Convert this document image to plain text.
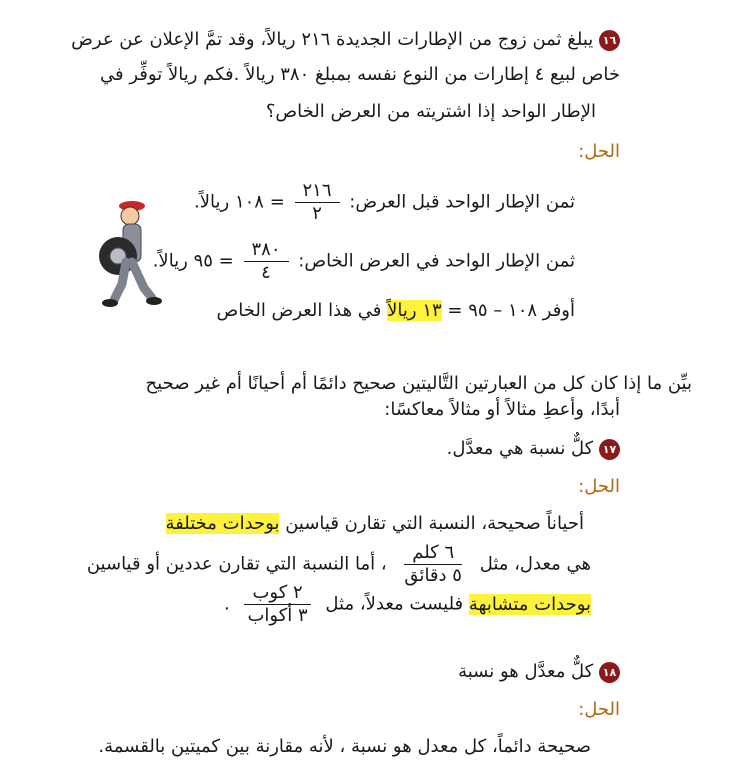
١٦ يبلغ ثمن زوج من الإطارات الجديدة ٢١٦ ريالاً، وقد تمَّ الإعلان عن عرض
خاص لبيع ٤ إطارات من النوع نفسه بمبلغ ٣٨٠ ريالاً .فكم ريالاً توفِّر في
الإطار الواحد إذا اشتريته من العرض الخاص؟
الحل:
ثمن الإطار الواحد قبل العرض:
$\frac{٢١٦}{٢}$
= ١٠٨ ريالاً.
ثمن الإطار الواحد في العرض الخاص:
$\frac{٣٨٠}{٤}$
= ٩٥ ريالاً.
أوفر ١٠٨ – ٩٥ = ١٣ ريالاً في هذا العرض الخاص
بيِّن ما إذا كان كل من العبارتين التَّاليتين صحيح دائمًا أم أحيانًا أم غير صحيح
أبدًا، وأعطِ مثالاً أو مثالاً معاكسًا:
١٧ كلٌّ نسبة هي معدَّل.
الحل:
أحياناً صحيحة، النسبة التي تقارن قياسين بوحدات مختلفة
هي معدل، مثل
$\frac{\text{٦ كلم}}{\text{٥ دقائق}}$
، أما النسبة التي تقارن عددين أو قياسين
بوحدات متشابهة فليست معدلاً، مثل
$\frac{\text{٢ كوب}}{\text{٣ أكواب}}$
.
١٨ كلٌّ معدَّل هو نسبة
الحل:
صحيحة دائماً، كل معدل هو نسبة ، لأنه مقارنة بين كميتين بالقسمة.
